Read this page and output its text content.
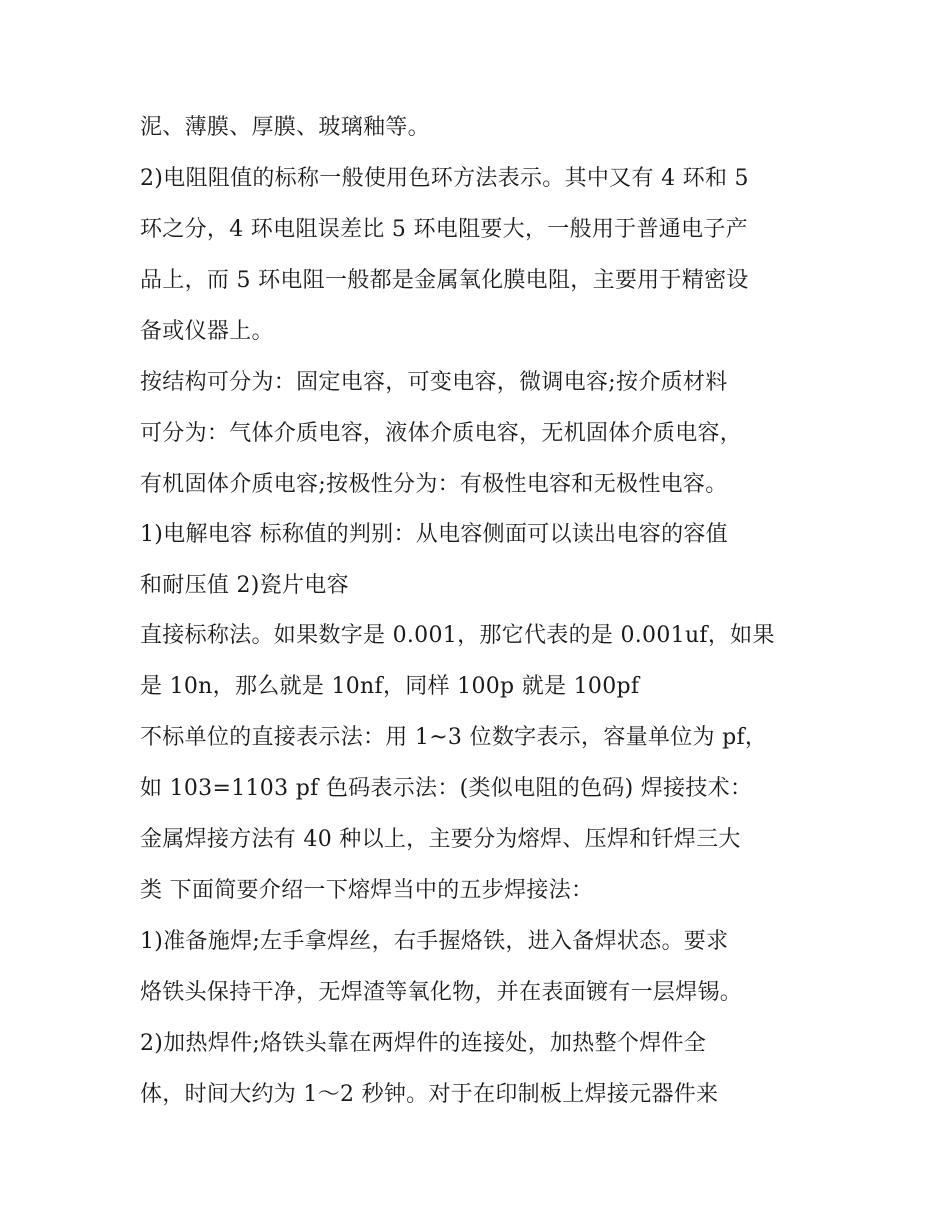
泥、薄膜、厚膜、玻璃釉等。
2)电阻阻值的标称一般使用色环方法表示。其中又有 4 环和 5
环之分，4 环电阻误差比 5 环电阻要大，一般用于普通电子产
品上，而 5 环电阻一般都是金属氧化膜电阻，主要用于精密设
备或仪器上。
按结构可分为：固定电容，可变电容，微调电容;按介质材料
可分为：气体介质电容，液体介质电容，无机固体介质电容，
有机固体介质电容;按极性分为：有极性电容和无极性电容。
1)电解电容 标称值的判别：从电容侧面可以读出电容的容值
和耐压值 2)瓷片电容
直接标称法。如果数字是 0.001，那它代表的是 0.001uf，如果
是 10n，那么就是 10nf，同样 100p 就是 100pf
不标单位的直接表示法：用 1~3 位数字表示，容量单位为 pf，
如 103=1103 pf 色码表示法：(类似电阻的色码) 焊接技术：
金属焊接方法有 40 种以上，主要分为熔焊、压焊和钎焊三大
类 下面简要介绍一下熔焊当中的五步焊接法：
1)准备施焊;左手拿焊丝，右手握烙铁，进入备焊状态。要求
烙铁头保持干净，无焊渣等氧化物，并在表面镀有一层焊锡。
2)加热焊件;烙铁头靠在两焊件的连接处，加热整个焊件全
体，时间大约为 1～2 秒钟。对于在印制板上焊接元器件来
